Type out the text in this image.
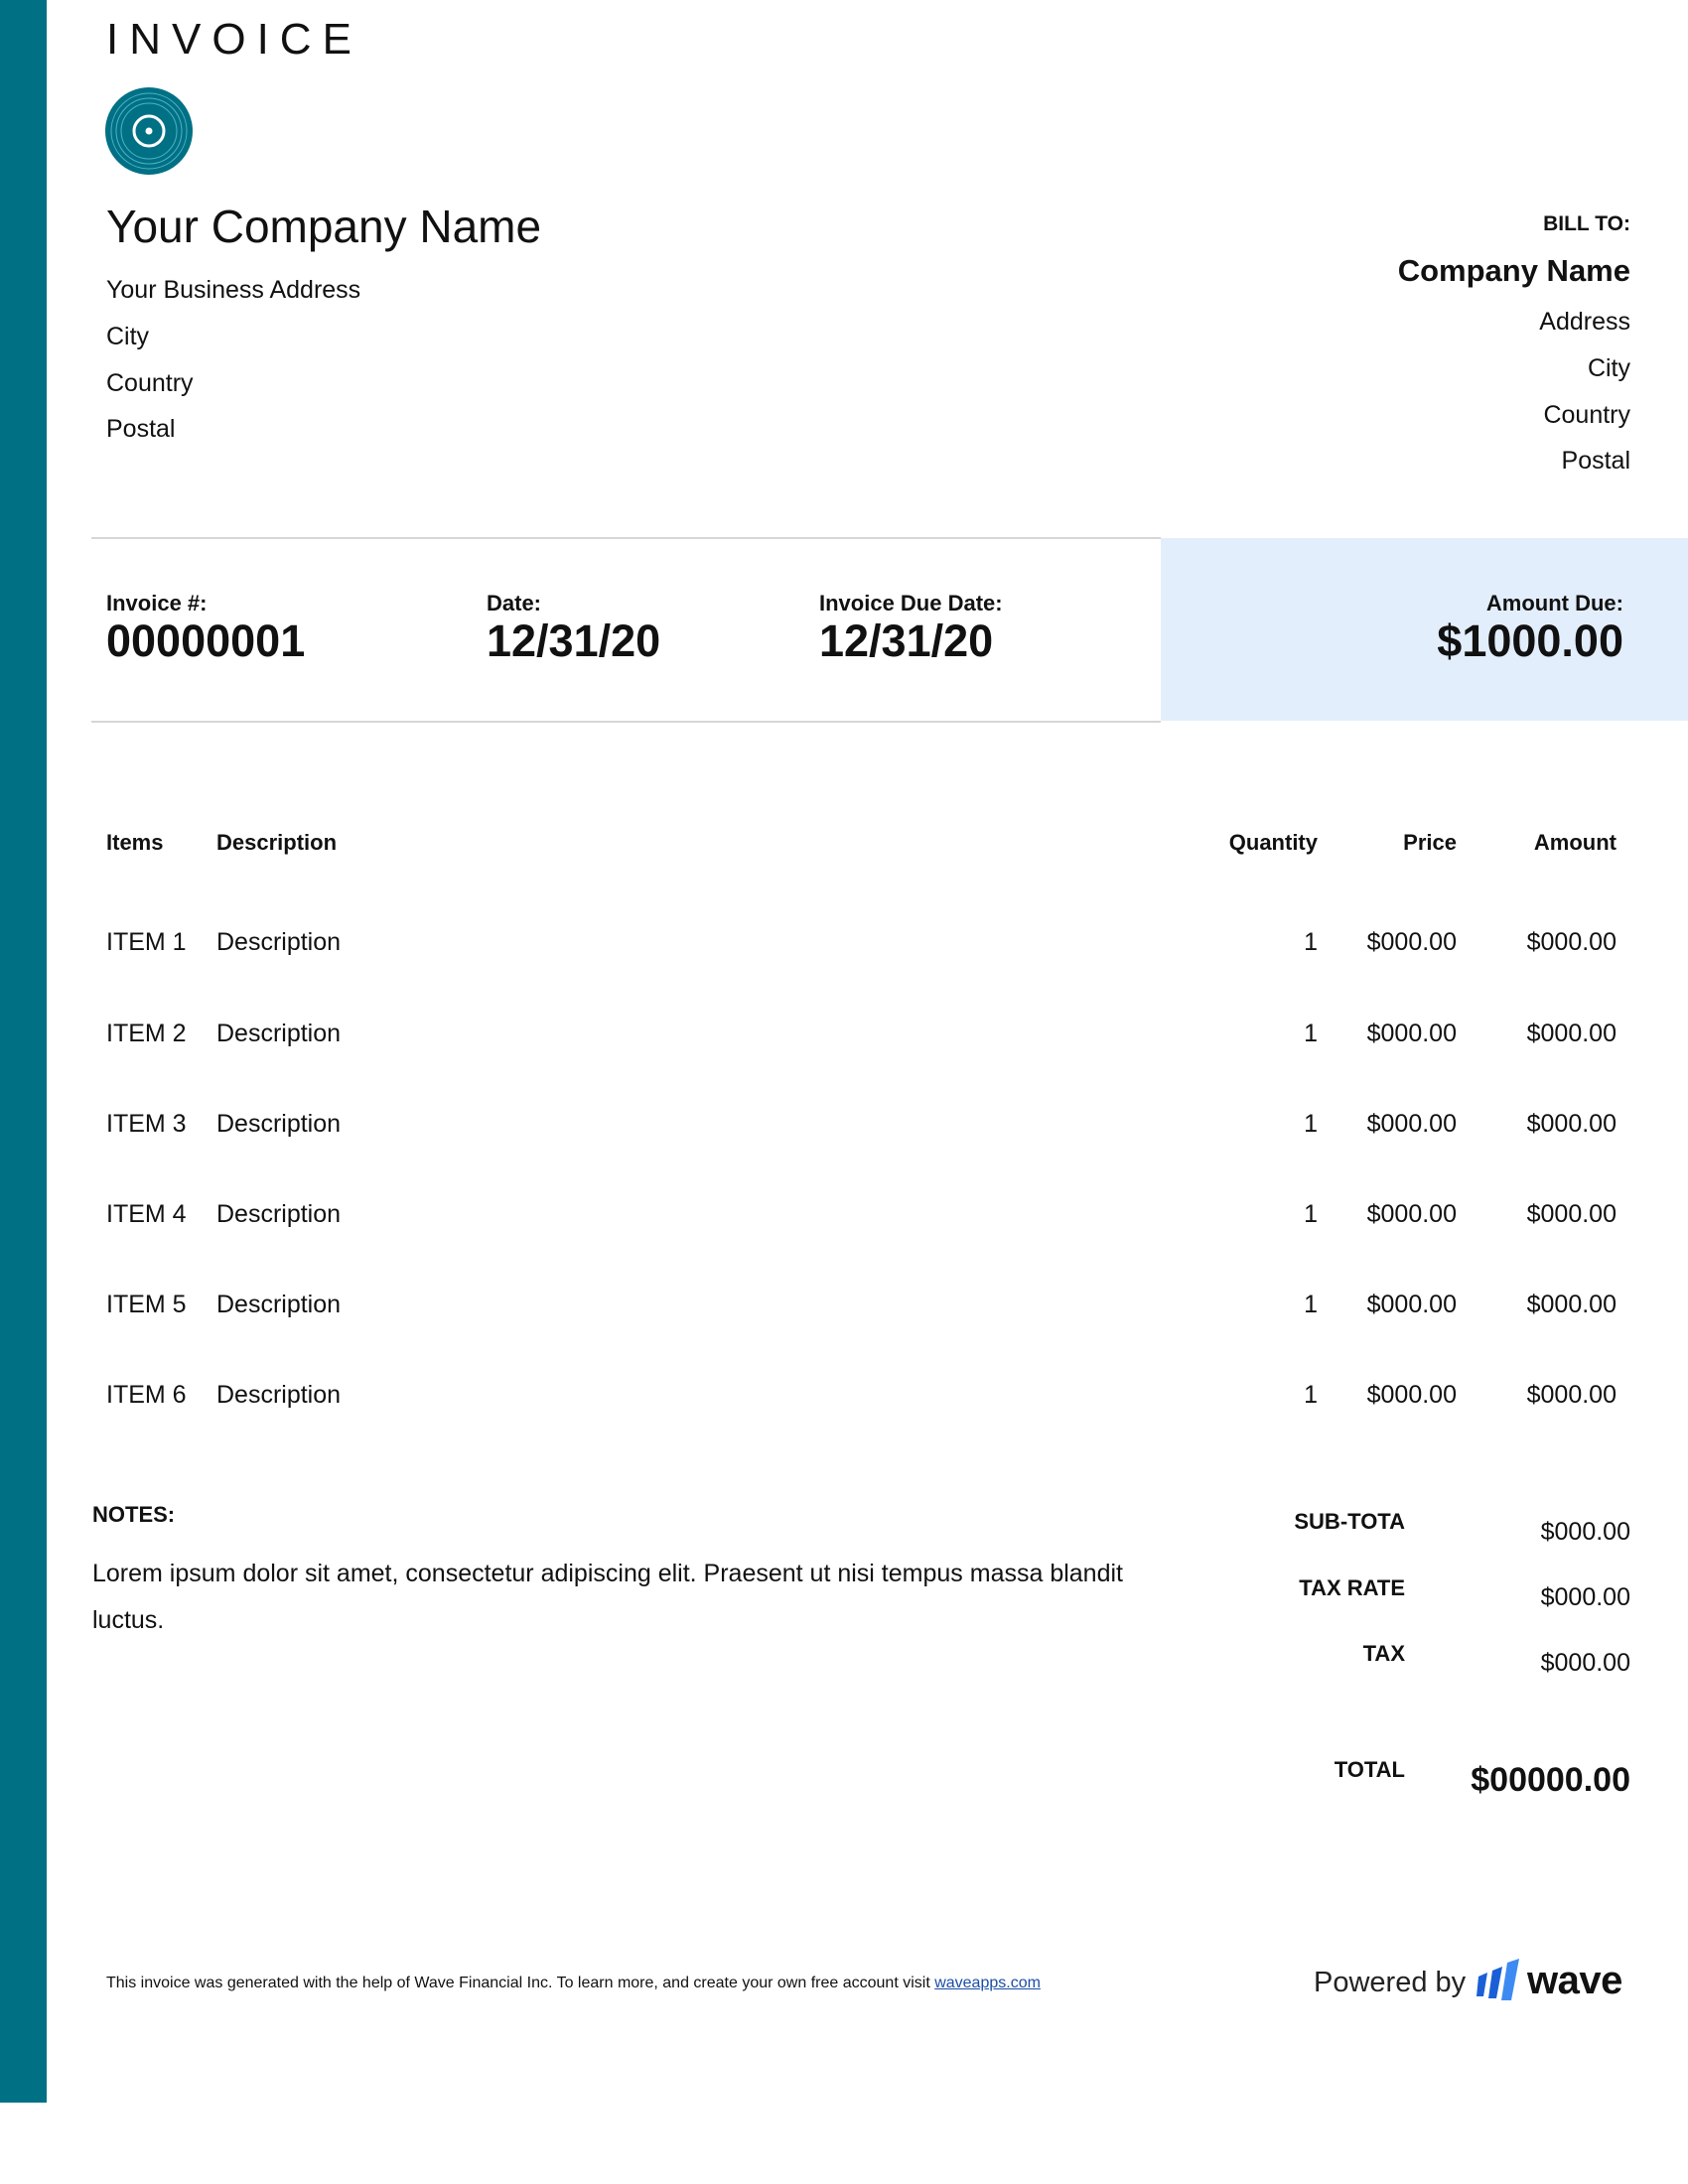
INVOICE
Your Company Name
Your Business Address
City
Country
Postal
BILL TO:
Company Name
Address
City
Country
Postal
Invoice #:
00000001
Date:
12/31/20
Invoice Due Date:
12/31/20
Amount Due:
$1000.00
Items Description	Quantity	Price	Amount
ITEM 1 Description	1 $000.00	$000.00
ITEM 2 Description	1 $000.00	$000.00
ITEM 3 Description	1 $000.00	$000.00
ITEM 4 Description	1 $000.00	$000.00
ITEM 5 Description	1 $000.00	$000.00
ITEM 6 Description	1 $000.00	$000.00
NOTES:
Lorem ipsum dolor sit amet, consectetur adipiscing elit. Praesent ut nisi tempus massa blandit luctus.
SUB-TOTA	$000.00
TAX RATE	$000.00
TAX	$000.00
TOTAL $00000.00
This invoice was generated with the help of Wave Financial Inc. To learn more, and create your own free account visit waveapps.com	Powered by wave
